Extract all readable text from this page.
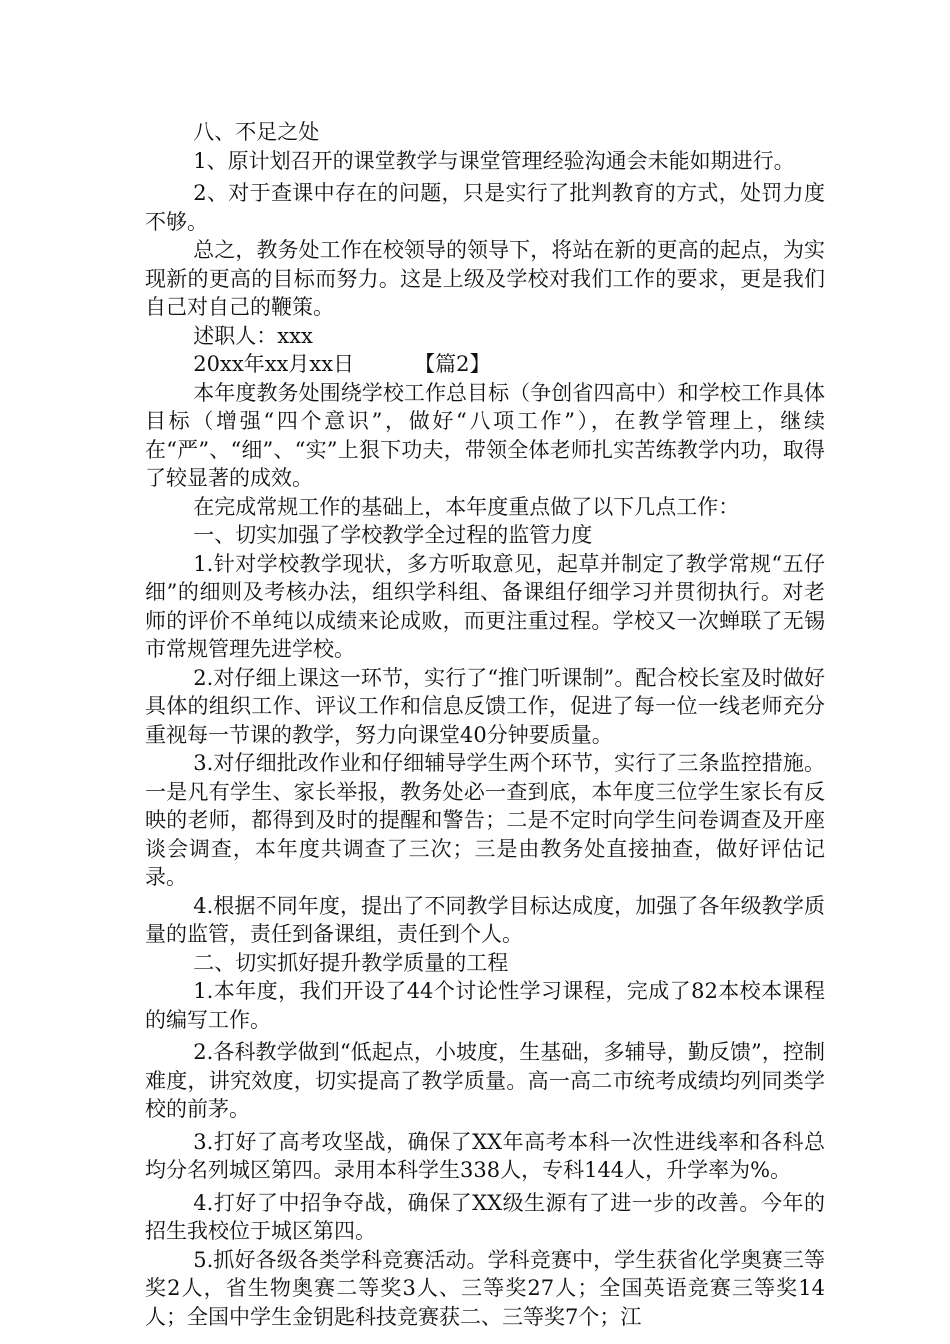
八、不足之处

1、原计划召开的课堂教学与课堂管理经验沟通会未能如期进行。

2、对于查课中存在的问题，只是实行了批判教育的方式，处罚力度不够。

总之，教务处工作在校领导的领导下，将站在新的更高的起点，为实现新的更高的目标而努力。这是上级及学校对我们工作的要求，更是我们自己对自己的鞭策。

述职人：xxx

20xx年xx月xx日	【篇2】

本年度教务处围绕学校工作总目标（争创省四高中）和学校工作具体目标（增强“四个意识”，做好“八项工作”），在教学管理上，继续在“严”、“细”、“实”上狠下功夫，带领全体老师扎实苦练教学内功，取得了较显著的成效。

在完成常规工作的基础上，本年度重点做了以下几点工作：

一、切实加强了学校教学全过程的监管力度

1.针对学校教学现状，多方听取意见，起草并制定了教学常规“五仔细”的细则及考核办法，组织学科组、备课组仔细学习并贯彻执行。对老师的评价不单纯以成绩来论成败，而更注重过程。学校又一次蝉联了无锡市常规管理先进学校。

2.对仔细上课这一环节，实行了“推门听课制”。配合校长室及时做好具体的组织工作、评议工作和信息反馈工作，促进了每一位一线老师充分重视每一节课的教学，努力向课堂40分钟要质量。

3.对仔细批改作业和仔细辅导学生两个环节，实行了三条监控措施。一是凡有学生、家长举报，教务处必一查到底，本年度三位学生家长有反映的老师，都得到及时的提醒和警告；二是不定时向学生问卷调查及开座谈会调查，本年度共调查了三次；三是由教务处直接抽查，做好评估记录。

4.根据不同年度，提出了不同教学目标达成度，加强了各年级教学质量的监管，责任到备课组，责任到个人。

二、切实抓好提升教学质量的工程

1.本年度，我们开设了44个讨论性学习课程，完成了82本校本课程的编写工作。

2.各科教学做到“低起点，小坡度，生基础，多辅导，勤反馈”，控制难度，讲究效度，切实提高了教学质量。高一高二市统考成绩均列同类学校的前茅。

3.打好了高考攻坚战，确保了XX年高考本科一次性进线率和各科总均分名列城区第四。录用本科学生338人，专科144人，升学率为%。

4.打好了中招争夺战，确保了XX级生源有了进一步的改善。今年的招生我校位于城区第四。

5.抓好各级各类学科竞赛活动。学科竞赛中，学生获省化学奥赛三等奖2人，省生物奥赛二等奖3人、三等奖27人；全国英语竞赛三等奖14人；全国中学生金钥匙科技竞赛获二、三等奖7个；江
